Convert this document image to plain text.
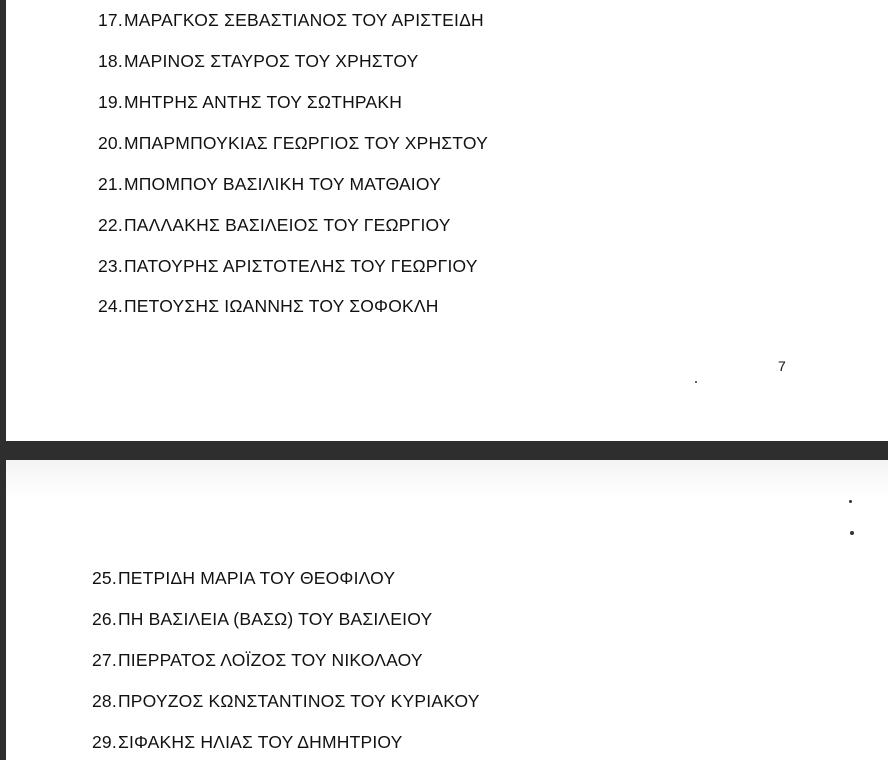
17.ΜΑΡΑΓΚΟΣ ΣΕΒΑΣΤΙΑΝΟΣ ΤΟΥ ΑΡΙΣΤΕΙΔΗ
18.ΜΑΡΙΝΟΣ ΣΤΑΥΡΟΣ ΤΟΥ ΧΡΗΣΤΟΥ
19.ΜΗΤΡΗΣ ΑΝΤΗΣ ΤΟΥ ΣΩΤΗΡΑΚΗ
20.ΜΠΑΡΜΠΟΥΚΙΑΣ ΓΕΩΡΓΙΟΣ ΤΟΥ ΧΡΗΣΤΟΥ
21.ΜΠΟΜΠΟΥ ΒΑΣΙΛΙΚΗ ΤΟΥ ΜΑΤΘΑΙΟΥ
22.ΠΑΛΛΑΚΗΣ ΒΑΣΙΛΕΙΟΣ ΤΟΥ ΓΕΩΡΓΙΟΥ
23.ΠΑΤΟΥΡΗΣ ΑΡΙΣΤΟΤΕΛΗΣ ΤΟΥ ΓΕΩΡΓΙΟΥ
24.ΠΕΤΟΥΣΗΣ ΙΩΑΝΝΗΣ ΤΟΥ ΣΟΦΟΚΛΗ
7
25.ΠΕΤΡΙΔΗ ΜΑΡΙΑ ΤΟΥ ΘΕΟΦΙΛΟΥ
26.ΠΗ ΒΑΣΙΛΕΙΑ (ΒΑΣΩ) ΤΟΥ ΒΑΣΙΛΕΙΟΥ
27.ΠΙΕΡΡΑΤΟΣ ΛΟΪΖΟΣ ΤΟΥ ΝΙΚΟΛΑΟΥ
28.ΠΡΟΥΖΟΣ ΚΩΝΣΤΑΝΤΙΝΟΣ ΤΟΥ ΚΥΡΙΑΚΟΥ
29.ΣΙΦΑΚΗΣ ΗΛΙΑΣ ΤΟΥ ΔΗΜΗΤΡΙΟΥ
